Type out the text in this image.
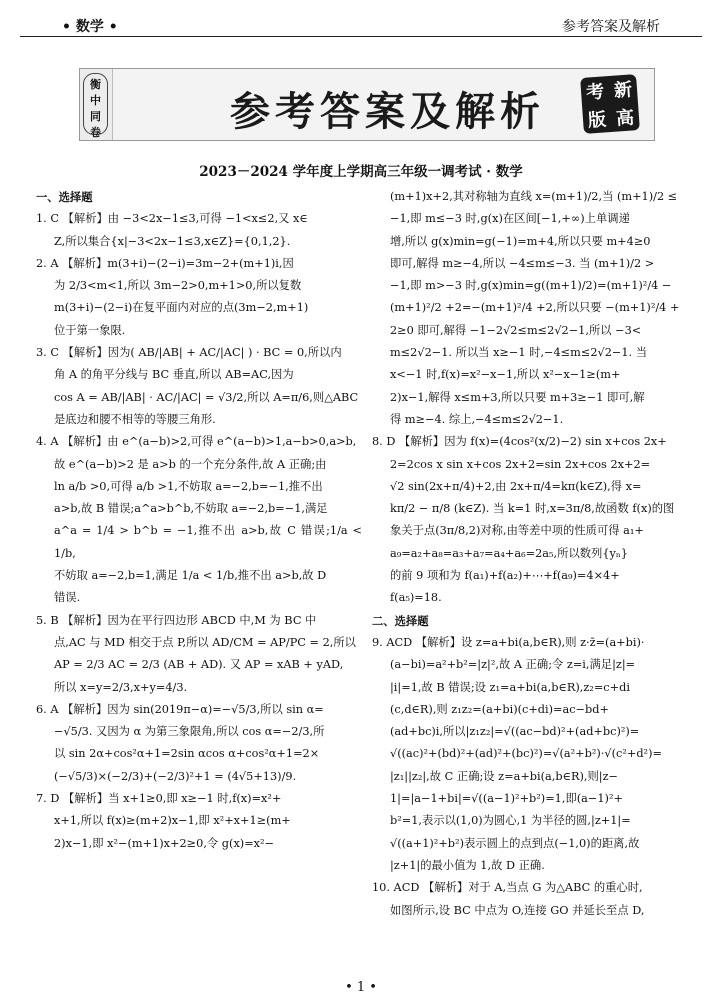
• 数学 •	参考答案及解析
衡
中
同
卷	参考答案及解析 考 新
版 高
2023－2024 学年度上学期高三年级一调考试 · 数学
一、选择题
1. C 【解析】由 −3<2x−1≤3,可得 −1<x≤2,又 x∈
Z,所以集合{x|−3<2x−1≤3,x∈Z}={0,1,2}.
2. A 【解析】m(3+i)−(2−i)=3m−2+(m+1)i,因
为 2/3<m<1,所以 3m−2>0,m+1>0,所以复数
m(3+i)−(2−i)在复平面内对应的点(3m−2,m+1)
位于第一象限.
3. C 【解析】因为( AB/|AB| + AC/|AC| ) · BC = 0,所以内
角 A 的角平分线与 BC 垂直,所以 AB=AC,因为
cos A = AB/|AB| · AC/|AC| = √3/2,所以 A=π/6,则△ABC
是底边和腰不相等的等腰三角形.
4. A 【解析】由 e^(a−b)>2,可得 e^(a−b)>1,a−b>0,a>b,
故 e^(a−b)>2 是 a>b 的一个充分条件,故 A 正确;由
ln a/b >0,可得 a/b >1,不妨取 a=−2,b=−1,推不出
a>b,故 B 错误;a^a>b^b,不妨取 a=−2,b=−1,满足
a^a = 1/4 > b^b = −1,推不出 a>b,故 C 错误;1/a < 1/b,
不妨取 a=−2,b=1,满足 1/a < 1/b,推不出 a>b,故 D
错误.
5. B 【解析】因为在平行四边形 ABCD 中,M 为 BC 中
点,AC 与 MD 相交于点 P,所以 AD/CM = AP/PC = 2,所以
AP = 2/3 AC = 2/3 (AB + AD). 又 AP = xAB + yAD,
所以 x=y=2/3,x+y=4/3.
6. A 【解析】因为 sin(2019π−α)=−√5/3,所以 sin α=
−√5/3. 又因为 α 为第三象限角,所以 cos α=−2/3,所
以 sin 2α+cos²α+1=2sin αcos α+cos²α+1=2×
(−√5/3)×(−2/3)+(−2/3)²+1 = (4√5+13)/9.
7. D 【解析】当 x+1≥0,即 x≥−1 时,f(x)=x²+
x+1,所以 f(x)≥(m+2)x−1,即 x²+x+1≥(m+
2)x−1,即 x²−(m+1)x+2≥0,令 g(x)=x²−
(m+1)x+2,其对称轴为直线 x=(m+1)/2,当 (m+1)/2 ≤
−1,即 m≤−3 时,g(x)在区间[−1,+∞)上单调递
增,所以 g(x)min=g(−1)=m+4,所以只要 m+4≥0
即可,解得 m≥−4,所以 −4≤m≤−3. 当 (m+1)/2 >
−1,即 m>−3 时,g(x)min=g((m+1)/2)=(m+1)²/4 −
(m+1)²/2 +2=−(m+1)²/4 +2,所以只要 −(m+1)²/4 +
2≥0 即可,解得 −1−2√2≤m≤2√2−1,所以 −3<
m≤2√2−1. 所以当 x≥−1 时,−4≤m≤2√2−1. 当
x<−1 时,f(x)=x²−x−1,所以 x²−x−1≥(m+
2)x−1,解得 x≤m+3,所以只要 m+3≥−1 即可,解
得 m≥−4. 综上,−4≤m≤2√2−1.
8. D 【解析】因为 f(x)=(4cos²(x/2)−2) sin x+cos 2x+
2=2cos x sin x+cos 2x+2=sin 2x+cos 2x+2=
√2 sin(2x+π/4)+2,由 2x+π/4=kπ(k∈Z),得 x=
kπ/2 − π/8 (k∈Z). 当 k=1 时,x=3π/8,故函数 f(x)的图
象关于点(3π/8,2)对称,由等差中项的性质可得 a₁+
a₉=a₂+a₈=a₃+a₇=a₄+a₆=2a₅,所以数列{yₙ}
的前 9 项和为 f(a₁)+f(a₂)+⋯+f(a₉)=4×4+
f(a₅)=18.
二、选择题
9. ACD 【解析】设 z=a+bi(a,b∈R),则 z·z̄=(a+bi)·
(a−bi)=a²+b²=|z|²,故 A 正确;令 z=i,满足|z|=
|i|=1,故 B 错误;设 z₁=a+bi(a,b∈R),z₂=c+di
(c,d∈R),则 z₁z₂=(a+bi)(c+di)=ac−bd+
(ad+bc)i,所以|z₁z₂|=√((ac−bd)²+(ad+bc)²)=
√((ac)²+(bd)²+(ad)²+(bc)²)=√(a²+b²)·√(c²+d²)=
|z₁||z₂|,故 C 正确;设 z=a+bi(a,b∈R),则|z−
1|=|a−1+bi|=√((a−1)²+b²)=1,即(a−1)²+
b²=1,表示以(1,0)为圆心,1 为半径的圆,|z+1|=
√((a+1)²+b²)表示圆上的点到点(−1,0)的距离,故
|z+1|的最小值为 1,故 D 正确.
10. ACD 【解析】对于 A,当点 G 为△ABC 的重心时,
如图所示,设 BC 中点为 O,连接 GO 并延长至点 D,
• 1 •
